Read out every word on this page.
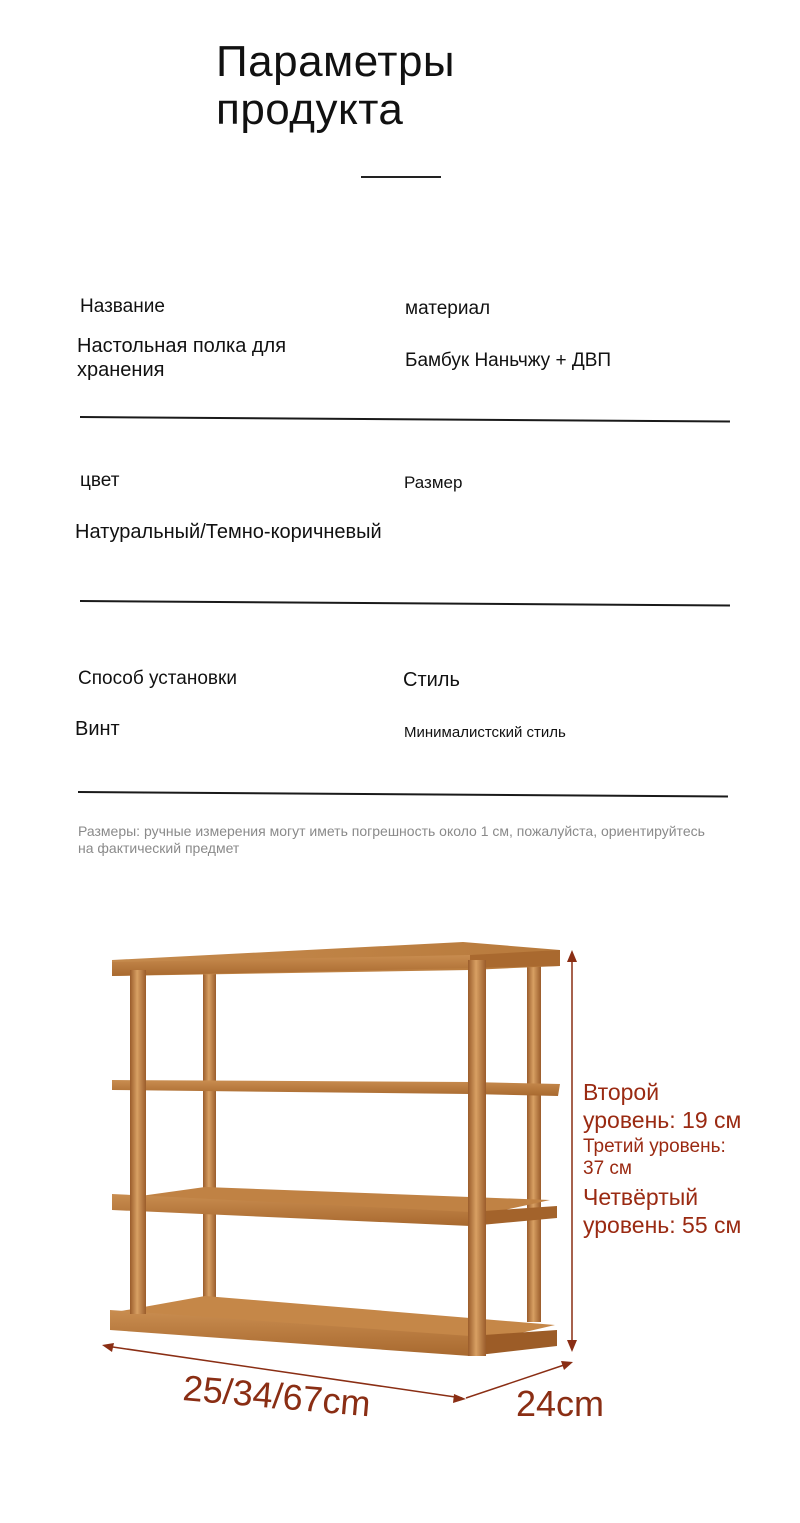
Параметры продукта
Название	материал
Настольная полка для хранения	Бамбук Наньчжу + ДВП
цвет	Размер
Натуральный/Темно-коричневый
Способ установки	Стиль
Винт	Минималистский стиль

Размеры: ручные измерения могут иметь погрешность около 1 см, пожалуйста, ориентируйтесь на фактический предмет

Второй
уровень: 19 см
Третий уровень:
37 см
Четвёртый
уровень: 55 см
25/34/67cm	24cm
